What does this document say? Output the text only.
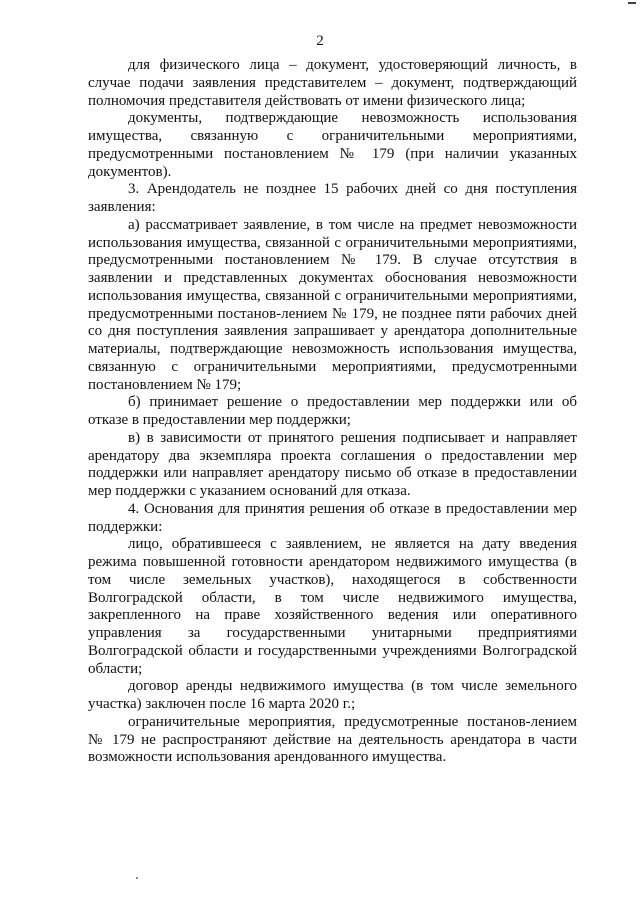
2

для физического лица – документ, удостоверяющий личность, в случае подачи заявления представителем – документ, подтверждающий полномочия представителя действовать от имени физического лица;

документы, подтверждающие невозможность использования имущества, связанную с ограничительными мероприятиями, предусмотренными постановлением № 179 (при наличии указанных документов).

3. Арендодатель не позднее 15 рабочих дней со дня поступления заявления:

а) рассматривает заявление, в том числе на предмет невозможности использования имущества, связанной с ограничительными мероприятиями, предусмотренными постановлением № 179. В случае отсутствия в заявлении и представленных документах обоснования невозможности использования имущества, связанной с ограничительными мероприятиями, предусмотренными постанов-лением № 179, не позднее пяти рабочих дней со дня поступления заявления запрашивает у арендатора дополнительные материалы, подтверждающие невозможность использования имущества, связанную с ограничительными мероприятиями, предусмотренными постановлением № 179;

б) принимает решение о предоставлении мер поддержки или об отказе в предоставлении мер поддержки;

в) в зависимости от принятого решения подписывает и направляет арендатору два экземпляра проекта соглашения о предоставлении мер поддержки или направляет арендатору письмо об отказе в предоставлении мер поддержки с указанием оснований для отказа.

4. Основания для принятия решения об отказе в предоставлении мер поддержки:

лицо, обратившееся с заявлением, не является на дату введения режима повышенной готовности арендатором недвижимого имущества (в том числе земельных участков), находящегося в собственности Волгоградской области, в том числе недвижимого имущества, закрепленного на праве хозяйственного ведения или оперативного управления за государственными унитарными предприятиями Волгоградской области и государственными учреждениями Волгоградской области;

договор аренды недвижимого имущества (в том числе земельного участка) заключен после 16 марта 2020 г.;

ограничительные мероприятия, предусмотренные постанов-лением № 179 не распространяют действие на деятельность арендатора в части возможности использования арендованного имущества.
